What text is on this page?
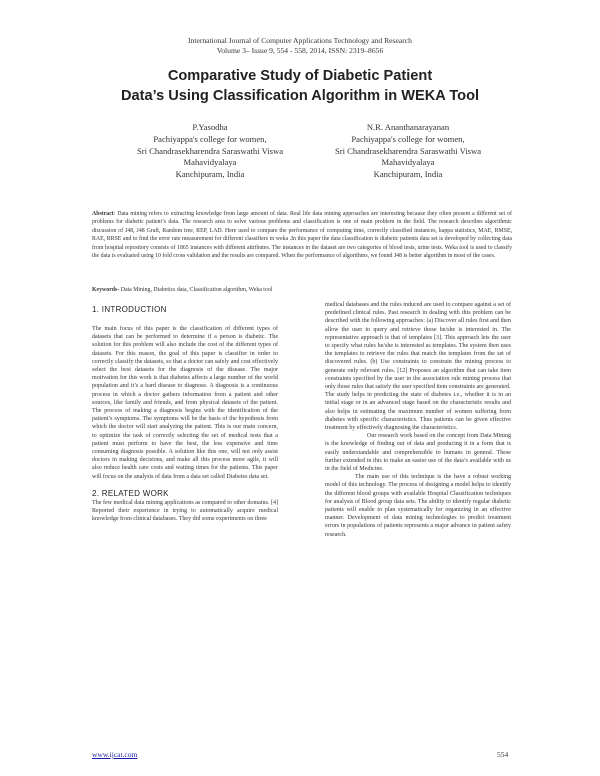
International Journal of Computer Applications Technology and Research
Volume 3– Issue 9, 554 - 558, 2014, ISSN: 2319–8656
Comparative Study of Diabetic Patient
Data’s Using Classification Algorithm in WEKA Tool
P.Yasodha
Pachiyappa's college for women,
Sri Chandrasekharendra Saraswathi Viswa
Mahavidyalaya
Kanchipuram, India
N.R. Ananthanarayanan
Pachiyappa's college for women,
Sri Chandrasekharendra Saraswathi Viswa
Mahavidyalaya
Kanchipuram, India
Abstract: Data mining refers to extracting knowledge from large amount of data. Real life data mining approaches are interesting because they often present a different set of problems for diabetic patient’s data. The research area to solve various problems and classification is one of main problem in the field. The research describes algorithmic discussion of J48, J48 Graft, Random tree, REP, LAD. Here used to compare the performance of computing time, correctly classified instances, kappa statistics, MAE, RMSE, RAE, RRSE and to find the error rate measurement for different classifiers in weka .In this paper the data classification is diabetic patients data set is developed by collecting data from hospital repository consists of 1865 instances with different attributes. The instances in the dataset are two categories of blood tests, urine tests. Weka tool is used to classify the data is evaluated using 10 fold cross validation and the results are compared. When the performance of algorithms, we found J48 is better algorithm in most of the cases.
Keywords- Data Mining, Diabetics data, Classification algorithm, Weka tool

1. INTRODUCTION

The main focus of this paper is the classification of different types of datasets that can be performed to determine if a person is diabetic. The solution for this problem will also include the cost of the different types of datasets. For this reason, the goal of this paper is classifier in order to correctly classify the datasets, so that a doctor can safely and cost effectively select the best datasets for the diagnosis of the disease. The major motivation for this work is that diabetes affects a large number of the world population and it’s a hard disease to diagnose. A diagnosis is a continuous process in which a doctor gathers information from a patient and other sources, like family and friends, and from physical datasets of the patient. The process of making a diagnosis begins with the identification of the patient’s symptoms. The symptoms will be the basis of the hypothesis from which the doctor will start analyzing the patient. This is our main concern, to optimize the task of correctly selecting the set of medical tests that a patient must perform to have the best, the less expensive and time consuming diagnosis possible. A solution like this one, will not only assist doctors in making decisions, and make all this process more agile, it will also reduce health care costs and waiting times for the patients. This paper will focus on the analysis of data from a data set called Diabetes data set.

2. RELATED WORK

The few medical data mining applications as compared to other domains. [4] Reported their experience in trying to automatically acquire medical knowledge from clinical databases. They did some experiments on three

medical databases and the rules induced are used to compare against a set of predefined clinical rules. Past research in dealing with this problem can be described with the following approaches: (a) Discover all rules first and then allow the user to query and retrieve those he/she is interested in. The representative approach is that of templates [3]. This approach lets the user to specify what rules he/she is interested as templates. The system then uses the templates to retrieve the rules that match the templates from the set of discovered rules. (b) Use constraints to constrain the mining process to generate only relevant rules. [12] Proposes an algorithm that can take item constraints specified by the user in the association rule mining process that only those rules that satisfy the user specified item constraints are generated.

The study helps in predicting the state of diabetes i.e., whether it is in an initial stage or in an advanced stage based on the characteristic results and also helps in estimating the maximum number of women suffering from diabetes with specific characteristics. Thus patients can be given effective treatment by effectively diagnosing the characteristics.

Our research work based on the concept from Data Mining is the knowledge of finding out of data and producing it in a form that is easily understandable and comprehensible to humans in general. These further extended in this to make an easier use of the data’s available with us in the field of Medicine.

The main use of this technique is the have a robust working model of this technology. The process of designing a model helps to identify the different blood groups with available Hospital Classification techniques for analysis of Blood group data sets. The ability to identify regular diabetic patients will enable to plan systematically for organizing in an effective manner. Development of data mining technologies to predict treatment errors in populations of patients represents a major advance in patient safety research.

www.ijcat.com	554
